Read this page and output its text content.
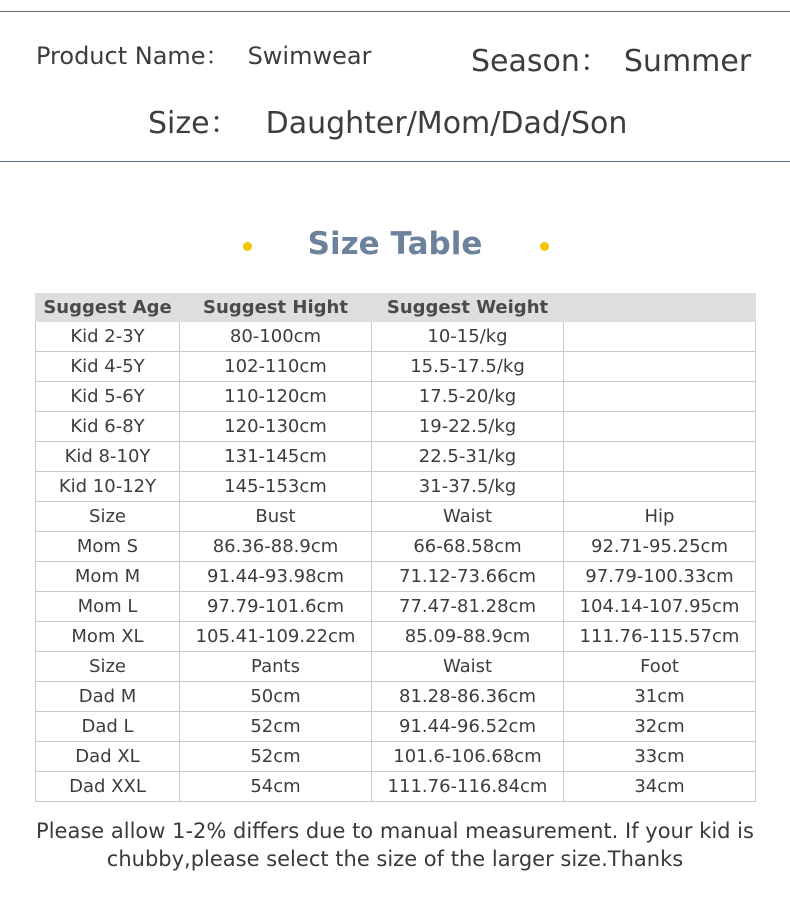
Product Name： Swimwear	Season： Summer
Size： Daughter/Mom/Dad/Son
Size Table
Suggest Age	Suggest Hight	Suggest Weight	
Kid 2-3Y	80-100cm	10-15/kg	
Kid 4-5Y	102-110cm	15.5-17.5/kg	
Kid 5-6Y	110-120cm	17.5-20/kg	
Kid 6-8Y	120-130cm	19-22.5/kg	
Kid 8-10Y	131-145cm	22.5-31/kg	
Kid 10-12Y	145-153cm	31-37.5/kg	
Size	Bust	Waist	Hip
Mom S	86.36-88.9cm	66-68.58cm	92.71-95.25cm
Mom M	91.44-93.98cm	71.12-73.66cm	97.79-100.33cm
Mom L	97.79-101.6cm	77.47-81.28cm	104.14-107.95cm
Mom XL	105.41-109.22cm	85.09-88.9cm	111.76-115.57cm
Size	Pants	Waist	Foot
Dad M	50cm	81.28-86.36cm	31cm
Dad L	52cm	91.44-96.52cm	32cm
Dad XL	52cm	101.6-106.68cm	33cm
Dad XXL	54cm	111.76-116.84cm	34cm
Please allow 1-2% differs due to manual measurement. If your kid is
chubby,please select the size of the larger size.Thanks
